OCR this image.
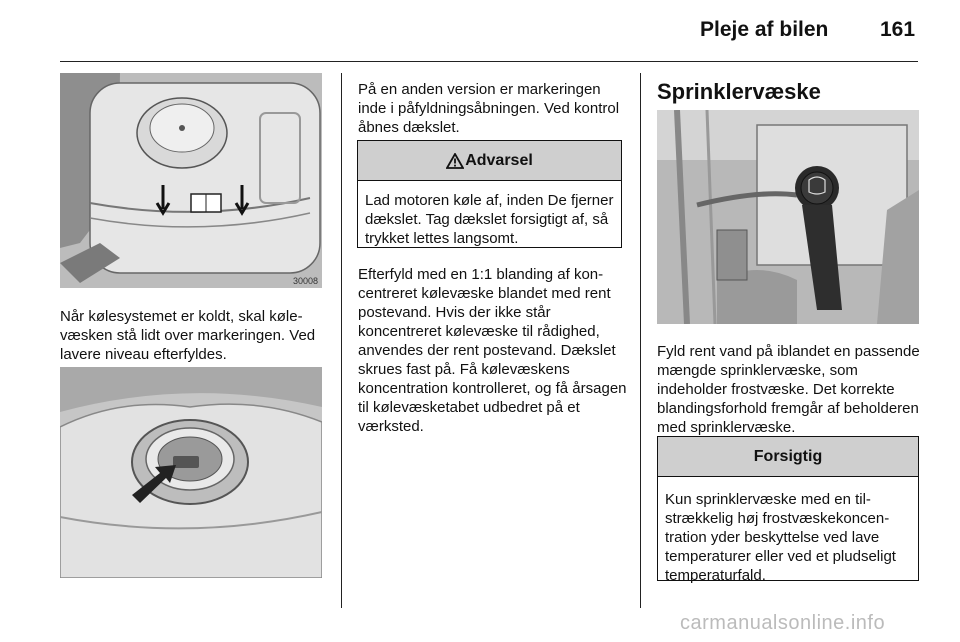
Pleje af bilen 161
30008

Når kølesystemet er koldt, skal kølevæsken stå lidt over markeringen. Ved lavere niveau efterfyldes.

På en anden version er markeringen inde i påfyldningsåbningen. Ved kontrol åbnes dækslet.

Advarsel
Lad motoren køle af, inden De fjerner dækslet. Tag dækslet forsigtigt af, så trykket lettes langsomt.

Efterfyld med en 1:1 blanding af koncentreret kølevæske blandet med rent postevand. Hvis der ikke står koncentreret kølevæske til rådighed, anvendes der rent postevand. Dækslet skrues fast på. Få kølevæskens koncentration kontrolleret, og få årsagen til kølevæsketabet udbedret på et værksted.

Sprinklervæske

Fyld rent vand på iblandet en passende mængde sprinklervæske, som indeholder frostvæske. Det korrekte blandingsforhold fremgår af beholderen med sprinklervæske.

Forsigtig
Kun sprinklervæske med en tilstrækkelig høj frostvæskekoncentration yder beskyttelse ved lave temperaturer eller ved et pludseligt temperaturfald.
carmanualsonline.info
